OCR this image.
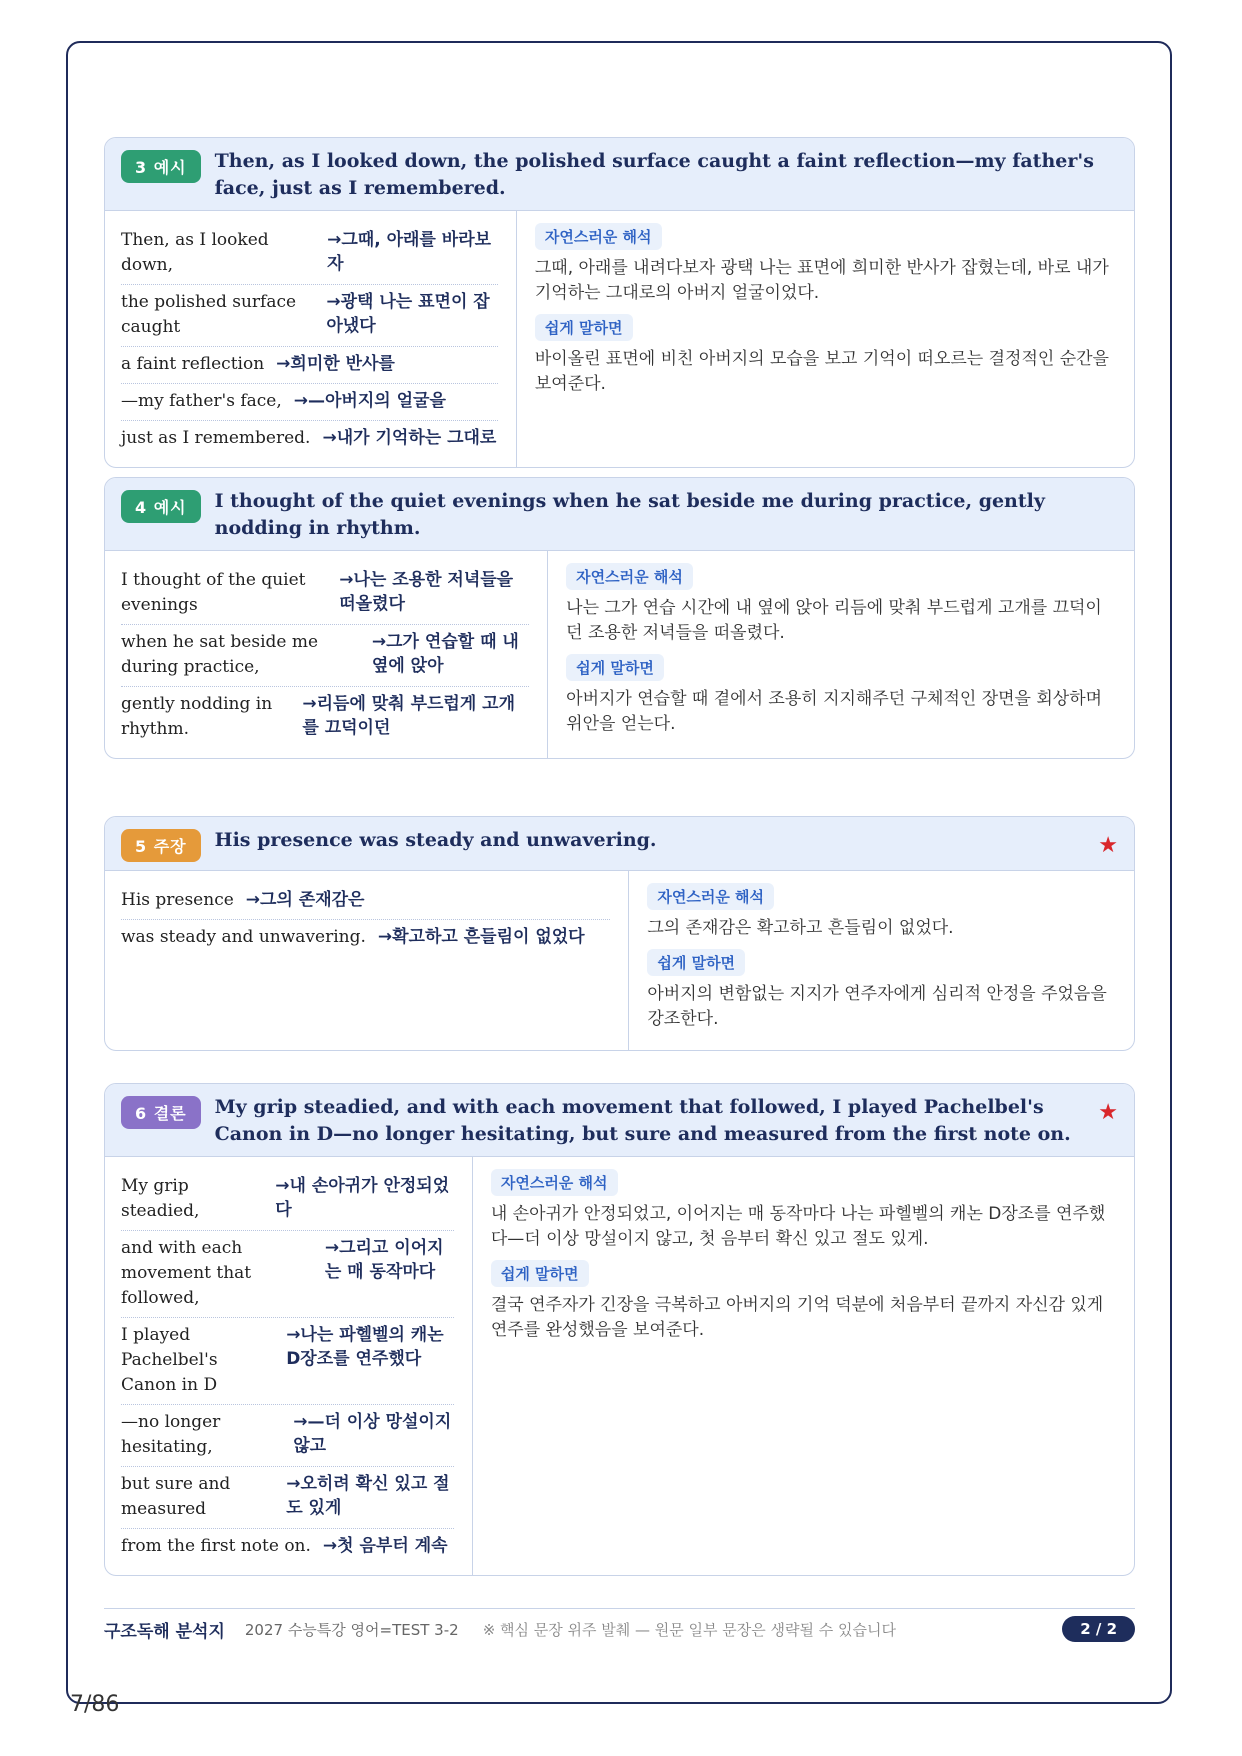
3 예시	Then, as I looked down, the polished surface caught a faint reflection—my father's face, just as I remembered.
Then, as I looked down,
→그때, 아래를 바라보자
the polished surface caught
→광택 나는 표면이 잡아냈다
a faint reflection →희미한 반사를
—my father's face, →—아버지의 얼굴을
just as I remembered. →내가 기억하는 그대로
자연스러운 해석
그때, 아래를 내려다보자 광택 나는 표면에 희미한 반사가 잡혔는데, 바로 내가 기억하는 그대로의 아버지 얼굴이었다.
쉽게 말하면
바이올린 표면에 비친 아버지의 모습을 보고 기억이 떠오르는 결정적인 순간을 보여준다.
4 예시	I thought of the quiet evenings when he sat beside me during practice, gently nodding in rhythm.
I thought of the quiet evenings
→나는 조용한 저녁들을 떠올렸다
when he sat beside me during practice,
→그가 연습할 때 내 옆에 앉아
gently nodding in rhythm.
→리듬에 맞춰 부드럽게 고개를 끄덕이던
자연스러운 해석
나는 그가 연습 시간에 내 옆에 앉아 리듬에 맞춰 부드럽게 고개를 끄덕이던 조용한 저녁들을 떠올렸다.
쉽게 말하면
아버지가 연습할 때 곁에서 조용히 지지해주던 구체적인 장면을 회상하며 위안을 얻는다.
5 주장	His presence was steady and unwavering.	★
His presence →그의 존재감은
was steady and unwavering. →확고하고 흔들림이 없었다
자연스러운 해석
그의 존재감은 확고하고 흔들림이 없었다.
쉽게 말하면
아버지의 변함없는 지지가 연주자에게 심리적 안정을 주었음을 강조한다.
6 결론	My grip steadied, and with each movement that followed, I played Pachelbel's Canon in D—no longer hesitating, but sure and measured from the first note on.
★
My grip steadied,
→내 손아귀가 안정되었다
and with each movement that followed,
→그리고 이어지는 매 동작마다
I played Pachelbel's Canon in D
→나는 파헬벨의 캐논 D장조를 연주했다
—no longer hesitating,
→—더 이상 망설이지 않고
but sure and measured
→오히려 확신 있고 절도 있게
from the first note on. →첫 음부터 계속
자연스러운 해석
내 손아귀가 안정되었고, 이어지는 매 동작마다 나는 파헬벨의 캐논 D장조를 연주했다—더 이상 망설이지 않고, 첫 음부터 확신 있고 절도 있게.
쉽게 말하면
결국 연주자가 긴장을 극복하고 아버지의 기억 덕분에 처음부터 끝까지 자신감 있게 연주를 완성했음을 보여준다.
구조독해 분석지 2027 수능특강 영어=TEST 3-2 ※ 핵심 문장 위주 발췌 — 원문 일부 문장은 생략될 수 있습니다	2 / 2
7/86
